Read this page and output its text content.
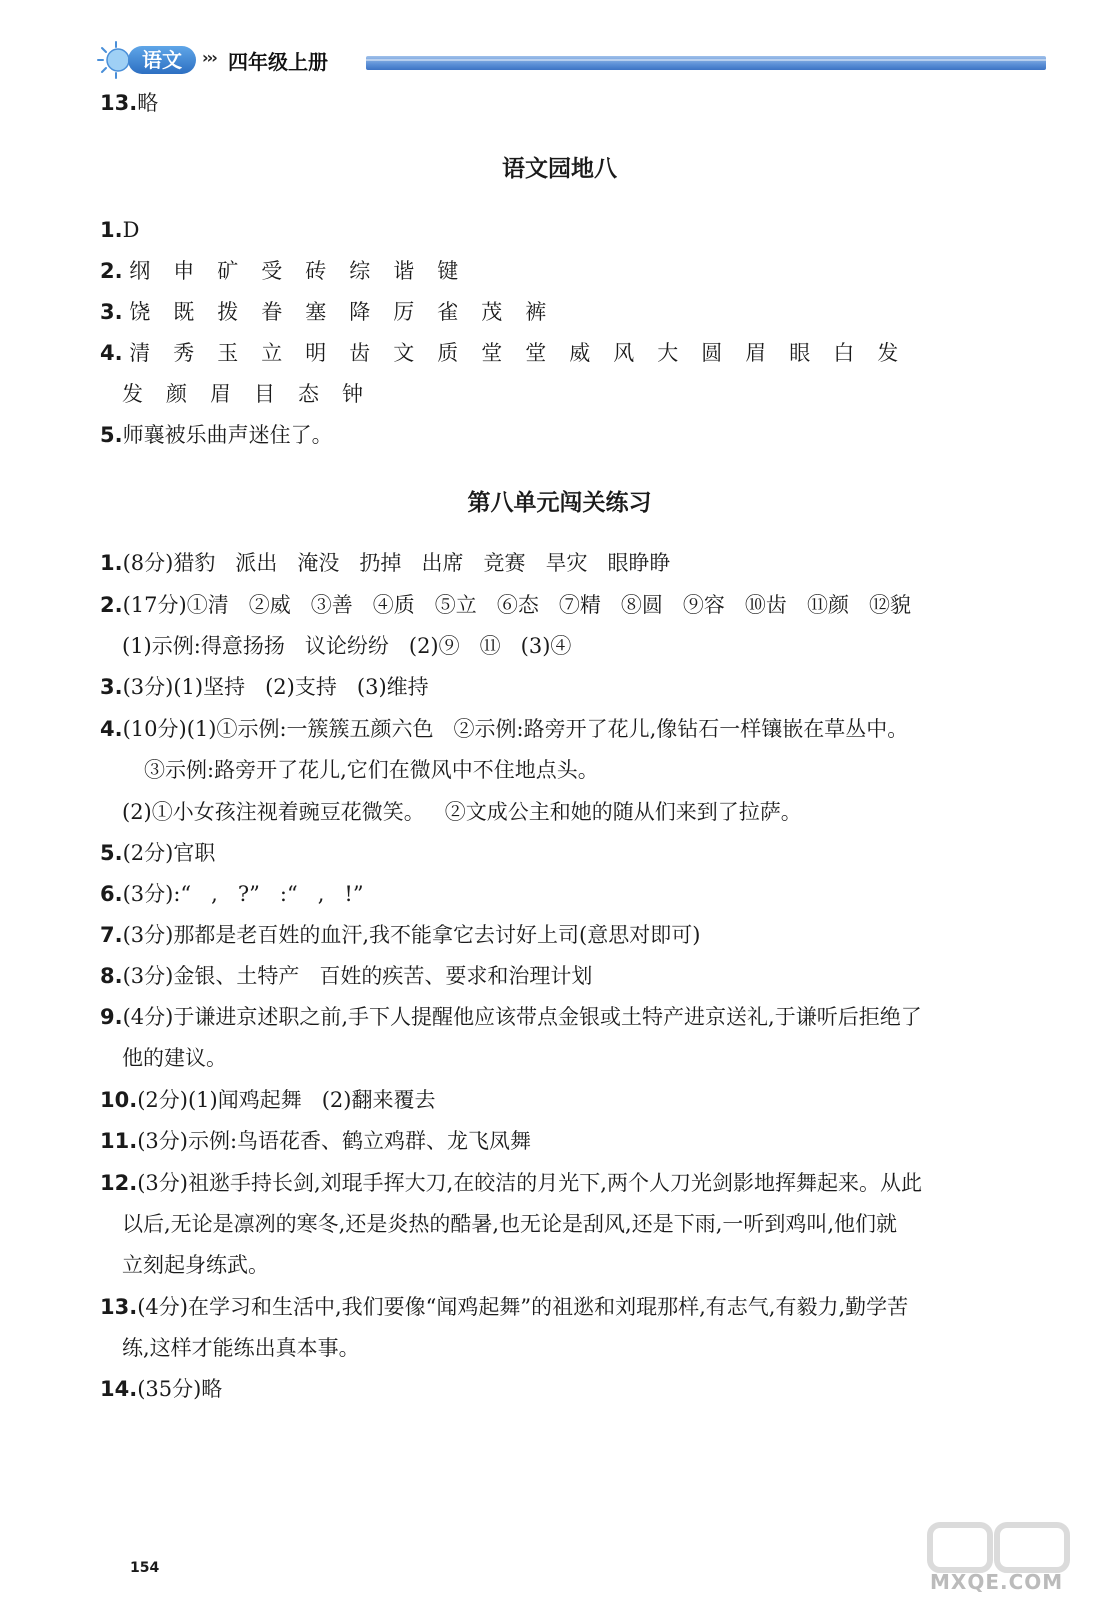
语文	››› 四年级上册
13.略
语文园地八
1.D
2. 纲 申 矿 受 砖 综 谐 键
3. 饶 既 拨 眷 塞 降 厉 雀 茂 裤
4. 清 秀 玉 立 明 齿 文 质 堂 堂 威 风 大 圆 眉 眼 白 发
发 颜 眉 目 态 钟
5.师襄被乐曲声迷住了。
第八单元闯关练习
1.(8分)猎豹   派出   淹没   扔掉   出席   竞赛   旱灾   眼睁睁
2.(17分)①清   ②威   ③善   ④质   ⑤立   ⑥态   ⑦精   ⑧圆   ⑨容   ⑩齿   ⑪颜   ⑫貌
(1)示例:得意扬扬   议论纷纷   (2)⑨   ⑪   (3)④
3.(3分)(1)坚持   (2)支持   (3)维持
4.(10分)(1)①示例:一簇簇五颜六色   ②示例:路旁开了花儿,像钻石一样镶嵌在草丛中。
③示例:路旁开了花儿,它们在微风中不住地点头。
(2)①小女孩注视着豌豆花微笑。   ②文成公主和她的随从们来到了拉萨。
5.(2分)官职
6.(3分):“   ,   ?”   :“   ,   !”
7.(3分)那都是老百姓的血汗,我不能拿它去讨好上司(意思对即可)
8.(3分)金银、土特产   百姓的疾苦、要求和治理计划
9.(4分)于谦进京述职之前,手下人提醒他应该带点金银或土特产进京送礼,于谦听后拒绝了
他的建议。
10.(2分)(1)闻鸡起舞   (2)翻来覆去
11.(3分)示例:鸟语花香、鹤立鸡群、龙飞凤舞
12.(3分)祖逖手持长剑,刘琨手挥大刀,在皎洁的月光下,两个人刀光剑影地挥舞起来。从此
以后,无论是凛冽的寒冬,还是炎热的酷暑,也无论是刮风,还是下雨,一听到鸡叫,他们就
立刻起身练武。
13.(4分)在学习和生活中,我们要像“闻鸡起舞”的祖逖和刘琨那样,有志气,有毅力,勤学苦
练,这样才能练出真本事。
14.(35分)略
154
MXQE.COM
